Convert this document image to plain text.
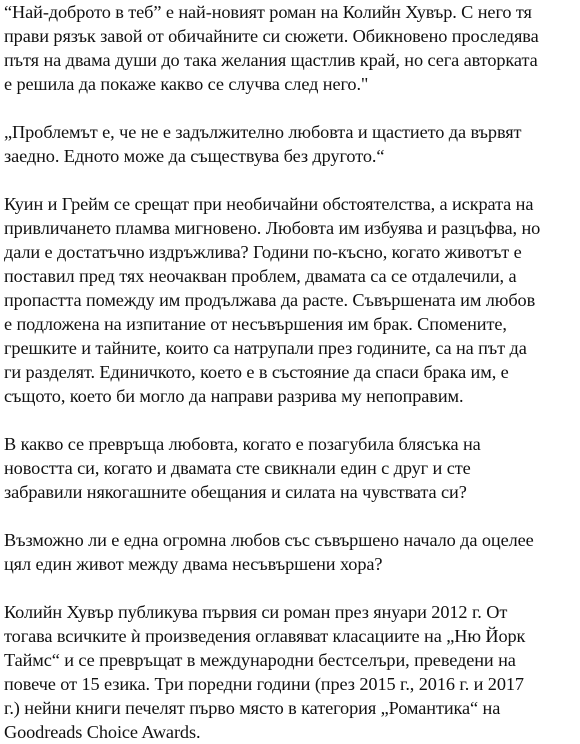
“Най-доброто в теб” е най-новият роман на Колийн Хувър. С него тя
прави рязък завой от обичайните си сюжети. Обикновено проследява
пътя на двама души до така желания щастлив край, но сега авторката
е решила да покаже какво се случва след него."
„Проблемът е, че не е задължително любовта и щастието да вървят
заедно. Едното може да съществува без другото.“
Куин и Грейм се срещат при необичайни обстоятелства, а искрата на
привличането пламва мигновено. Любовта им избуява и разцъфва, но
дали е достатъчно издръжлива? Години по-късно, когато животът е
поставил пред тях неочакван проблем, двамата са се отдалечили, а
пропастта помежду им продължава да расте. Съвършената им любов
е подложена на изпитание от несъвършения им брак. Спомените,
грешките и тайните, които са натрупали през годините, са на път да
ги разделят. Единичкото, което е в състояние да спаси брака им, е
същото, което би могло да направи разрива му непоправим.
В какво се превръща любовта, когато е позагубила блясъка на
новостта си, когато и двамата сте свикнали един с друг и сте
забравили някогашните обещания и силата на чувствата си?
Възможно ли е една огромна любов със съвършено начало да оцелее
цял един живот между двама несъвършени хора?
Колийн Хувър публикува първия си роман през януари 2012 г. От
тогава всичките ѝ произведения оглавяват класациите на „Ню Йорк
Таймс“ и се превръщат в международни бестселъри, преведени на
повече от 15 езика. Три поредни години (през 2015 г., 2016 г. и 2017
г.) нейни книги печелят първо място в категория „Романтика“ на
Goodreads Choice Awards.
